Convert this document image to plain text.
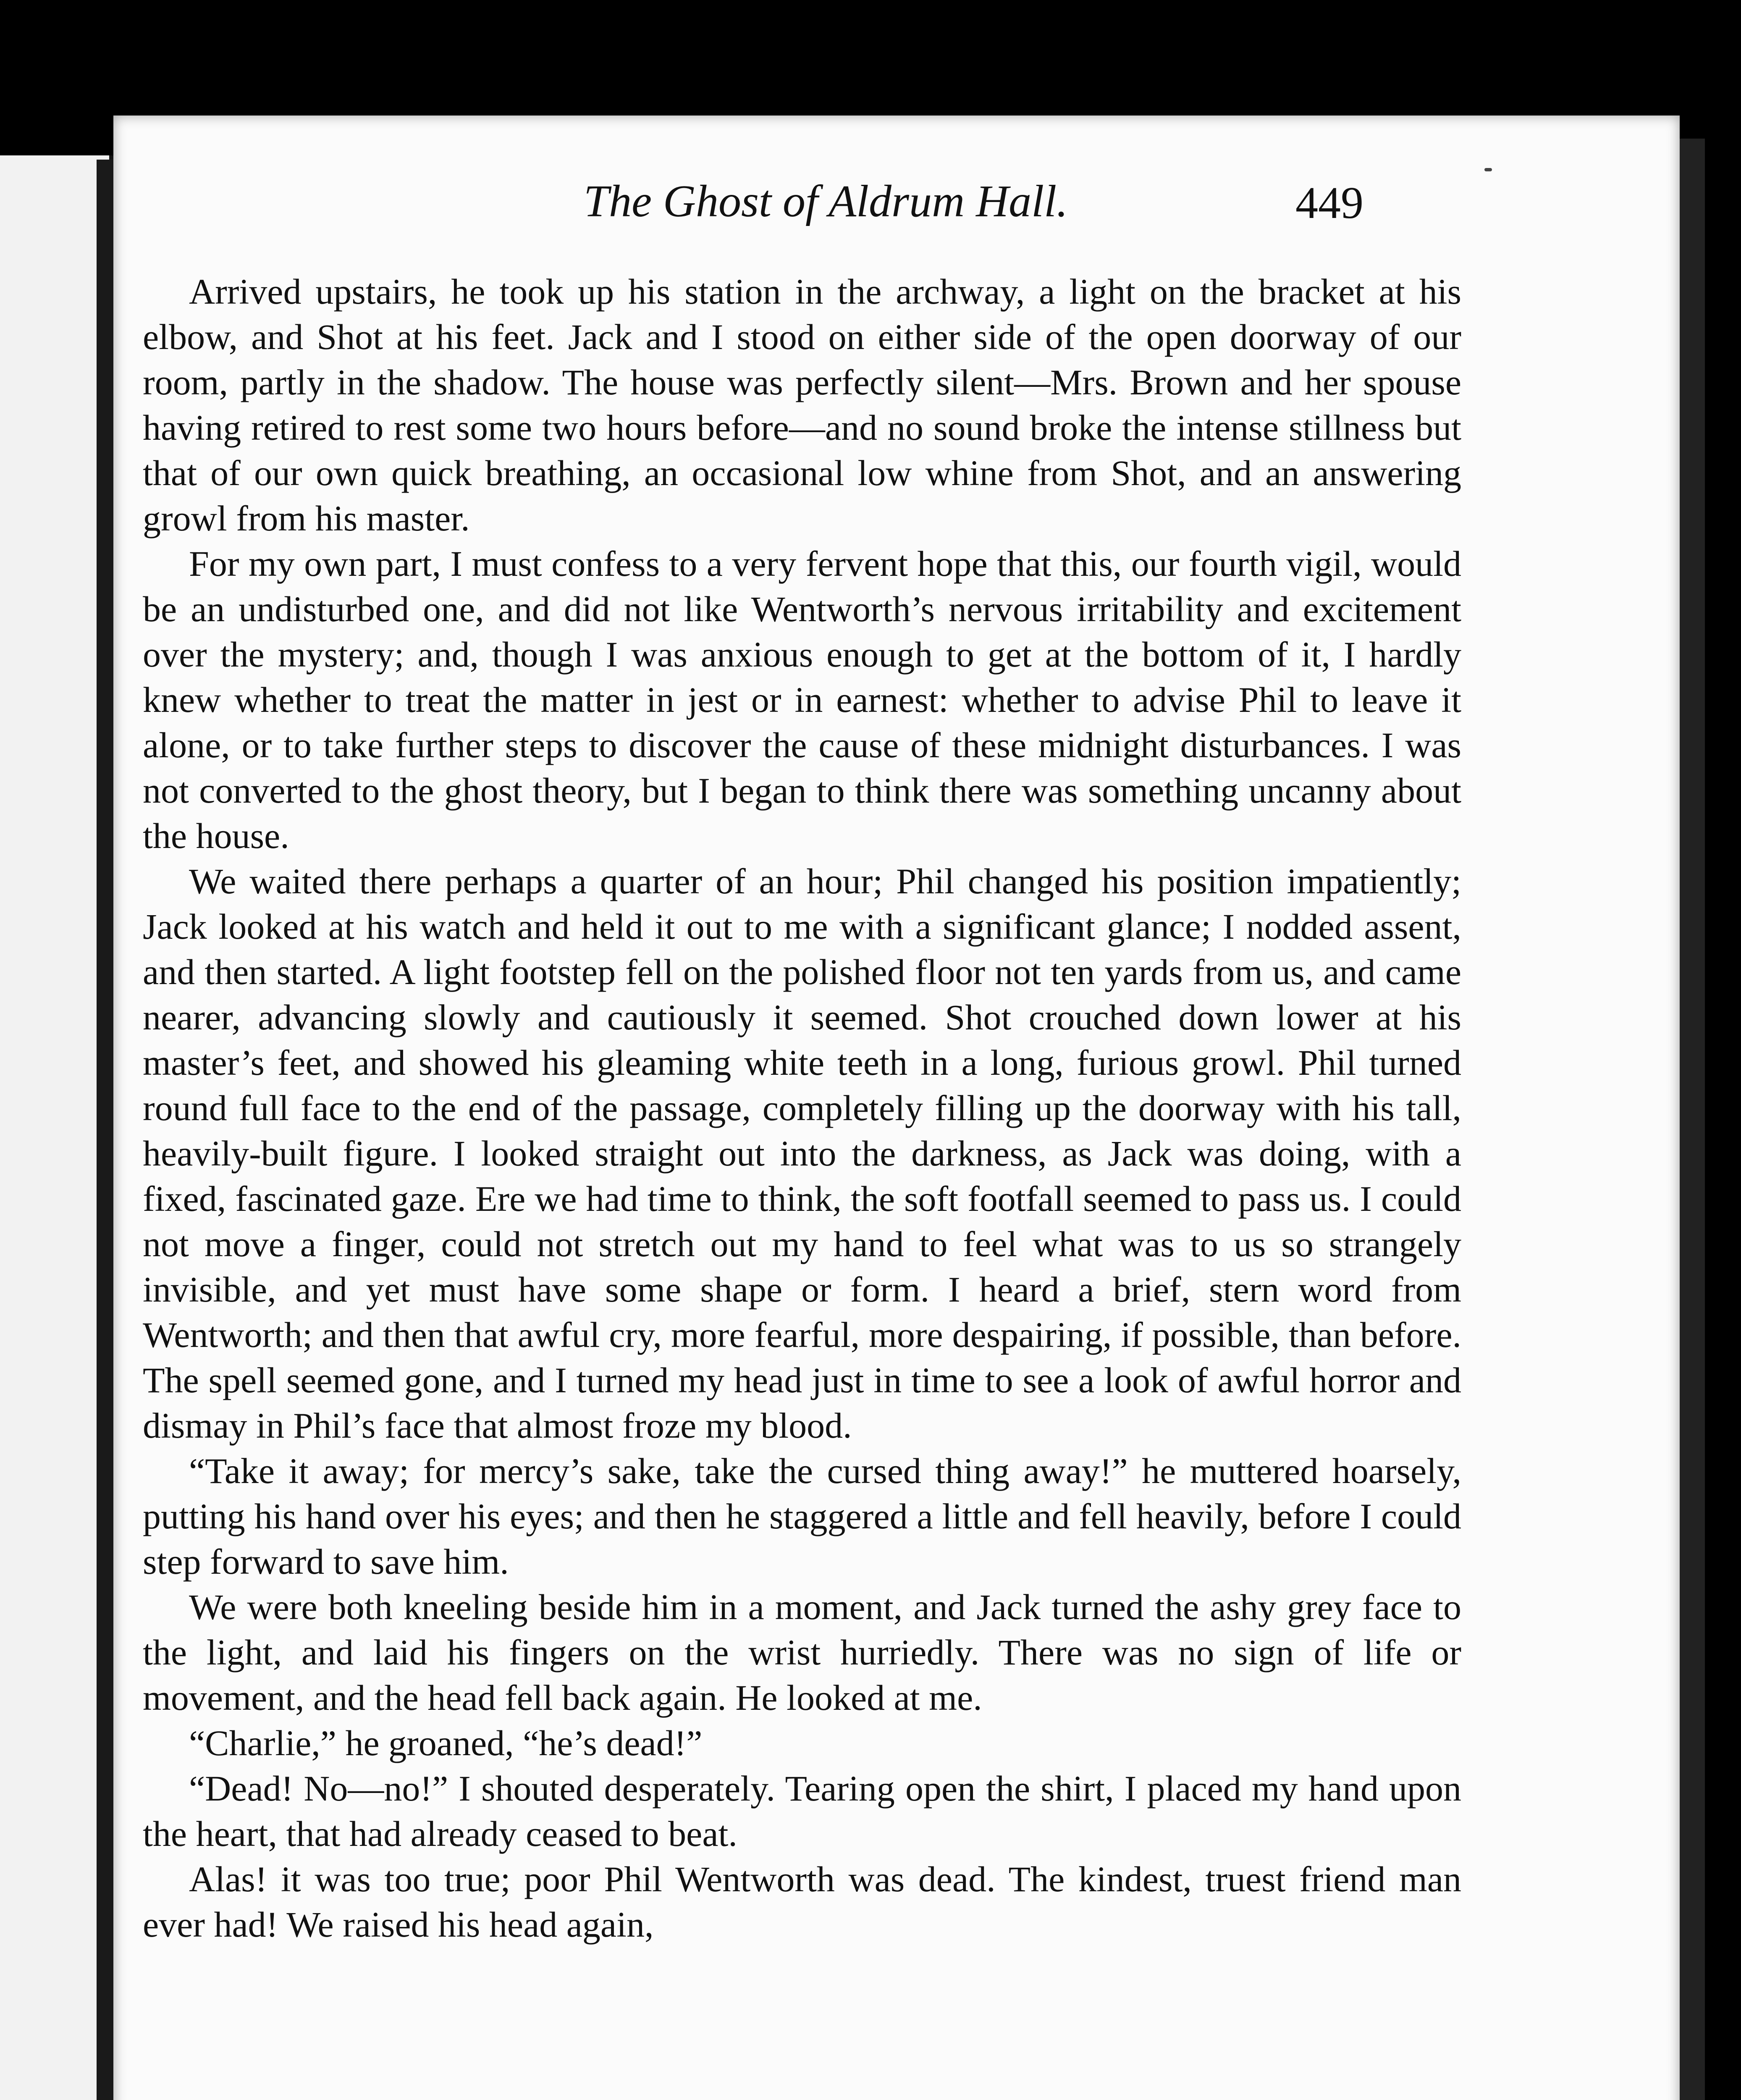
The Ghost of Aldrum Hall.	449

Arrived upstairs, he took up his station in the archway, a light on the bracket at his elbow, and Shot at his feet. Jack and I stood on either side of the open doorway of our room, partly in the shadow. The house was perfectly silent—Mrs. Brown and her spouse having retired to rest some two hours before—and no sound broke the intense stillness but that of our own quick breathing, an occasional low whine from Shot, and an answering growl from his master.

For my own part, I must confess to a very fervent hope that this, our fourth vigil, would be an undisturbed one, and did not like Wentworth’s nervous irritability and excitement over the mystery; and, though I was anxious enough to get at the bottom of it, I hardly knew whether to treat the matter in jest or in earnest: whether to advise Phil to leave it alone, or to take further steps to discover the cause of these midnight disturbances. I was not converted to the ghost theory, but I began to think there was something uncanny about the house.

We waited there perhaps a quarter of an hour; Phil changed his position impatiently; Jack looked at his watch and held it out to me with a significant glance; I nodded assent, and then started. A light footstep fell on the polished floor not ten yards from us, and came nearer, advancing slowly and cautiously it seemed. Shot crouched down lower at his master’s feet, and showed his gleaming white teeth in a long, furious growl. Phil turned round full face to the end of the passage, completely filling up the doorway with his tall, heavily-built figure. I looked straight out into the darkness, as Jack was doing, with a fixed, fascinated gaze. Ere we had time to think, the soft footfall seemed to pass us. I could not move a finger, could not stretch out my hand to feel what was to us so strangely invisible, and yet must have some shape or form. I heard a brief, stern word from Wentworth; and then that awful cry, more fearful, more despairing, if possible, than before. The spell seemed gone, and I turned my head just in time to see a look of awful horror and dismay in Phil’s face that almost froze my blood.

“Take it away; for mercy’s sake, take the cursed thing away!” he muttered hoarsely, putting his hand over his eyes; and then he staggered a little and fell heavily, before I could step forward to save him.

We were both kneeling beside him in a moment, and Jack turned the ashy grey face to the light, and laid his fingers on the wrist hurriedly. There was no sign of life or movement, and the head fell back again. He looked at me.

“Charlie,” he groaned, “he’s dead!”

“Dead! No—no!” I shouted desperately. Tearing open the shirt, I placed my hand upon the heart, that had already ceased to beat.

Alas! it was too true; poor Phil Wentworth was dead. The kindest, truest friend man ever had! We raised his head again,
